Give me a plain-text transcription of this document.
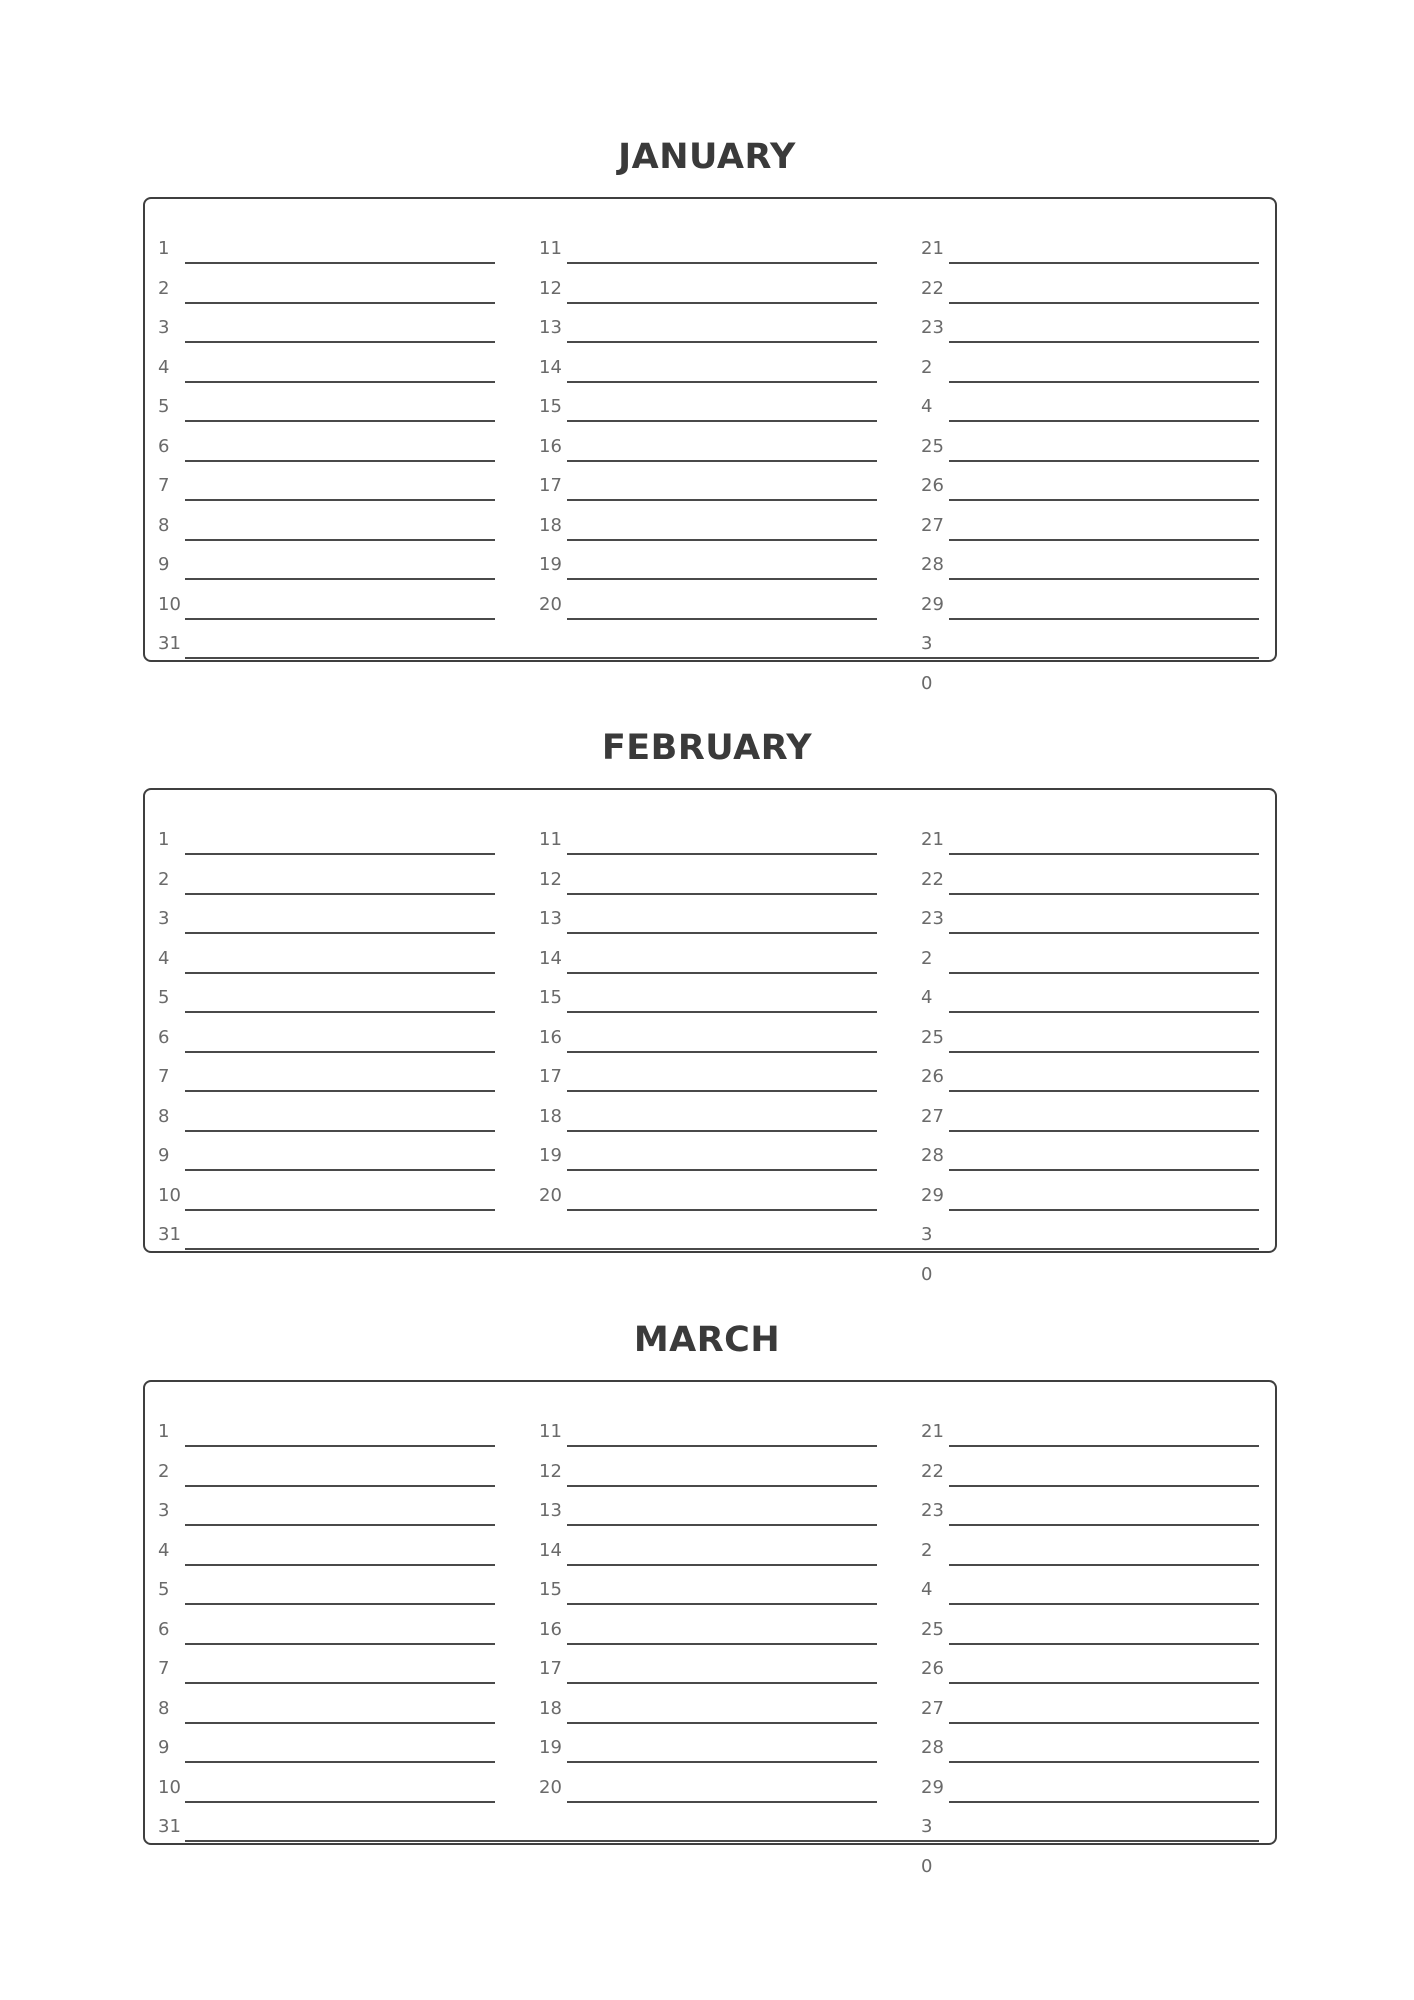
JANUARY
1
2
3
4
5
6
7
8
9
10
31
11
12
13
14
15
16
17
18
19
20
21
22
23
2
4
25
26
27
28
29
3
0
FEBRUARY
1
2
3
4
5
6
7
8
9
10
31
11
12
13
14
15
16
17
18
19
20
21
22
23
2
4
25
26
27
28
29
3
0
MARCH
1
2
3
4
5
6
7
8
9
10
31
11
12
13
14
15
16
17
18
19
20
21
22
23
2
4
25
26
27
28
29
3
0
